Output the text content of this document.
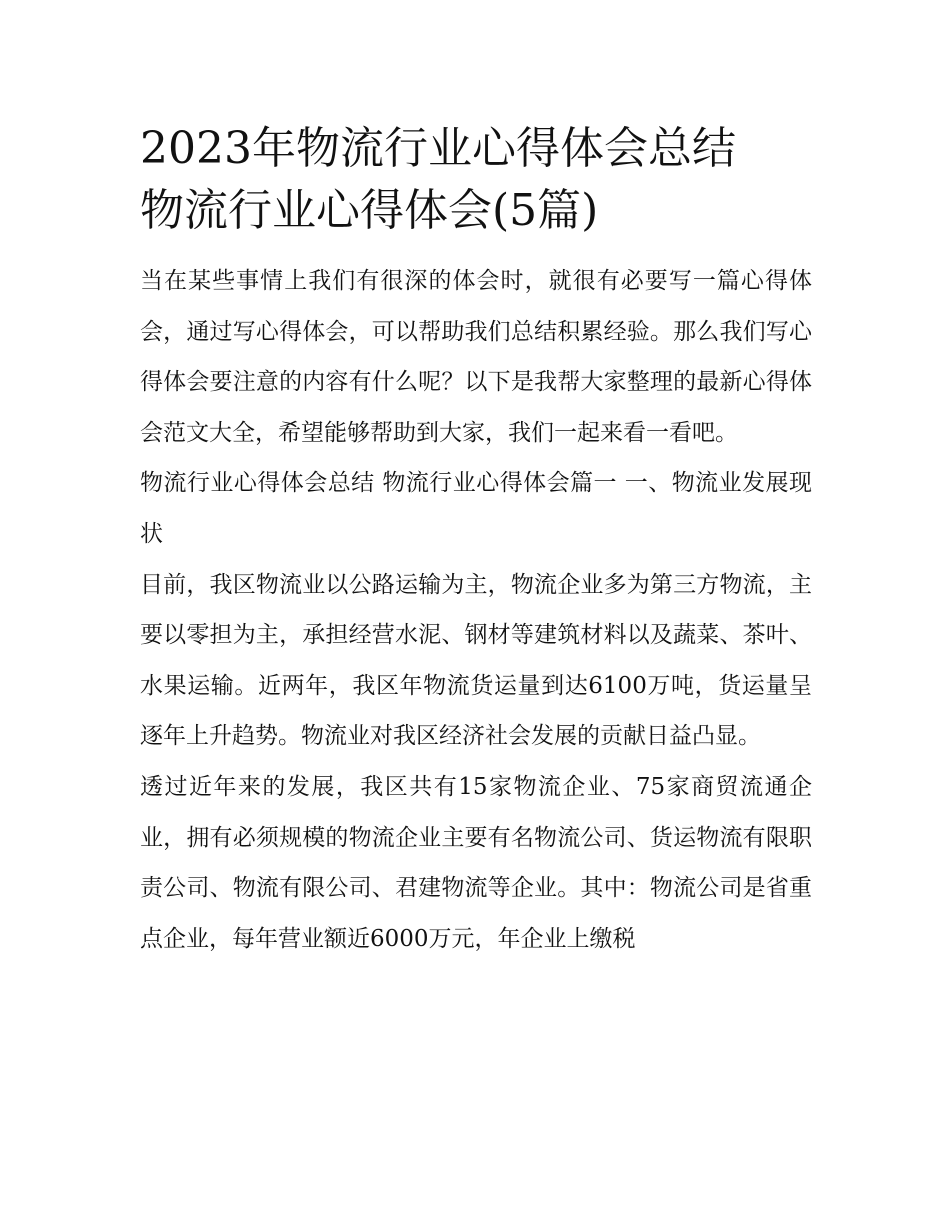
2023年物流行业心得体会总结
物流行业心得体会(5篇)

当在某些事情上我们有很深的体会时，就很有必要写一篇心得体会，通过写心得体会，可以帮助我们总结积累经验。那么我们写心得体会要注意的内容有什么呢？以下是我帮大家整理的最新心得体会范文大全，希望能够帮助到大家，我们一起来看一看吧。

物流行业心得体会总结 物流行业心得体会篇一 一、物流业发展现状

目前，我区物流业以公路运输为主，物流企业多为第三方物流，主要以零担为主，承担经营水泥、钢材等建筑材料以及蔬菜、茶叶、水果运输。近两年，我区年物流货运量到达6100万吨，货运量呈逐年上升趋势。物流业对我区经济社会发展的贡献日益凸显。

透过近年来的发展，我区共有15家物流企业、75家商贸流通企业，拥有必须规模的物流企业主要有名物流公司、货运物流有限职责公司、物流有限公司、君建物流等企业。其中：物流公司是省重点企业，每年营业额近6000万元，年企业上缴税
